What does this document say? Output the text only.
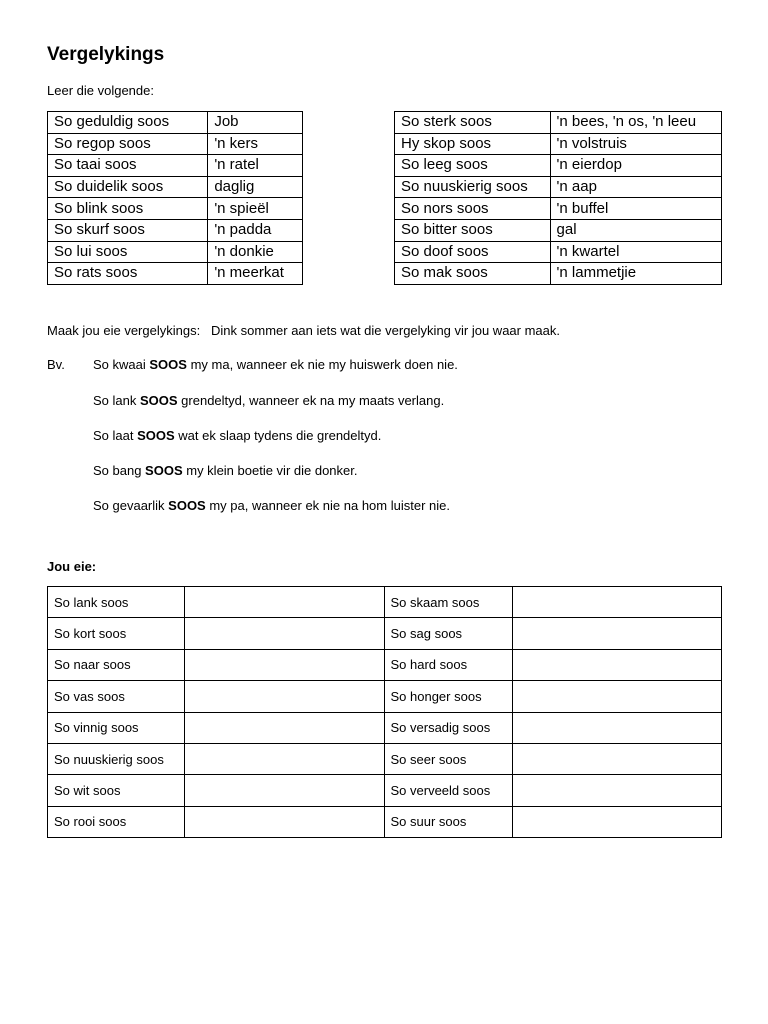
Vergelykings
Leer die volgende:
So geduldig soos	Job
So regop soos	'n kers
So taai soos	'n ratel
So duidelik soos	daglig
So blink soos	'n spieël
So skurf soos	'n padda
So lui soos	'n donkie
So rats soos	'n meerkat
So sterk soos	'n bees, 'n os, 'n leeu
Hy skop soos	'n volstruis
So leeg soos	'n eierdop
So nuuskierig soos	'n aap
So nors soos	'n buffel
So bitter soos	gal
So doof soos	'n kwartel
So mak soos	'n lammetjie
Maak jou eie vergelykings:   Dink sommer aan iets wat die vergelyking vir jou waar maak.
Bv. So kwaai SOOS my ma, wanneer ek nie my huiswerk doen nie.
So lank SOOS grendeltyd, wanneer ek na my maats verlang.
So laat SOOS wat ek slaap tydens die grendeltyd.
So bang SOOS my klein boetie vir die donker.
So gevaarlik SOOS my pa, wanneer ek nie na hom luister nie.
Jou eie:
So lank soos		So skaam soos	
So kort soos		So sag soos	
So naar soos		So hard soos	
So vas soos		So honger soos	
So vinnig soos		So versadig soos	
So nuuskierig soos		So seer soos	
So wit soos		So verveeld soos	
So rooi soos		So suur soos	
